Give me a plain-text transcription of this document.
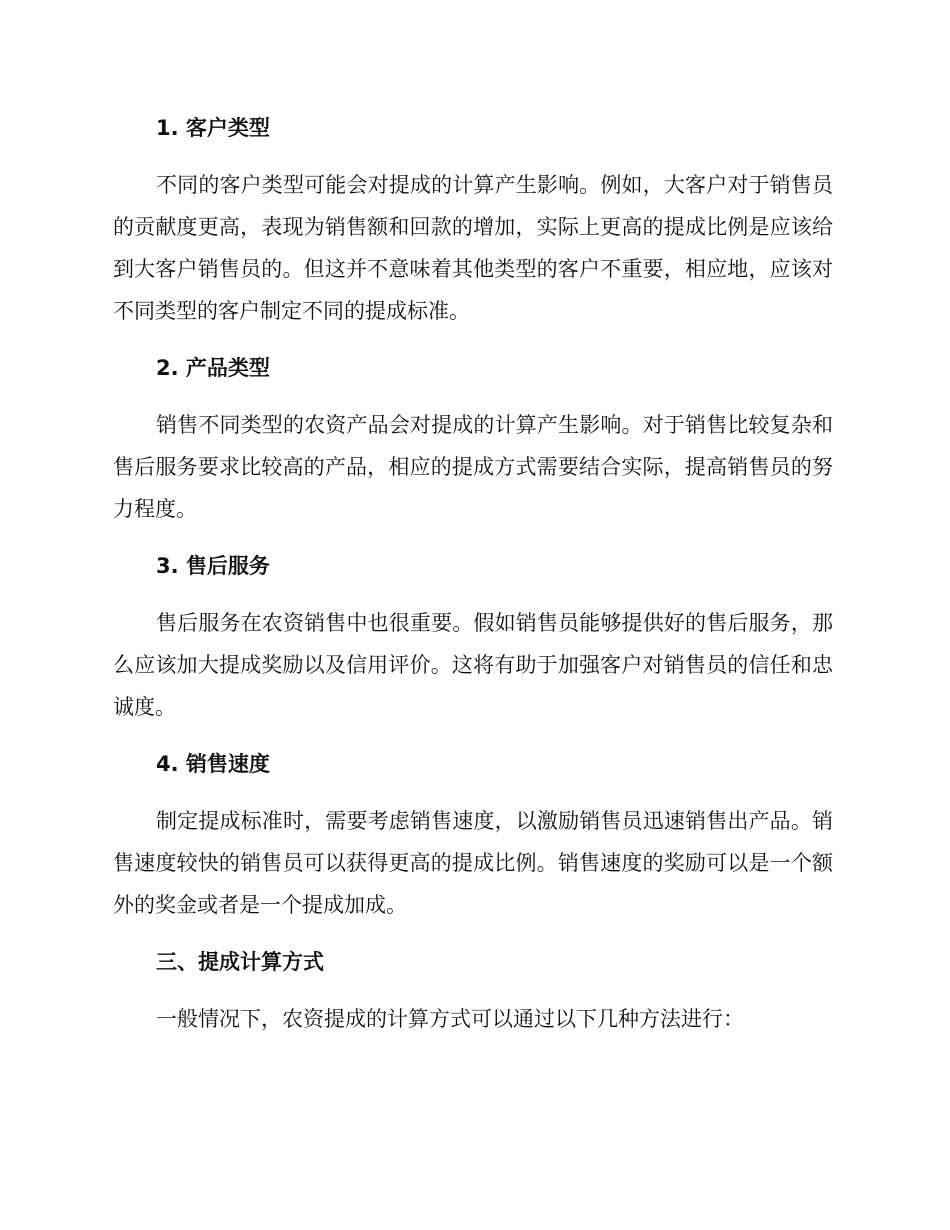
1. 客户类型

不同的客户类型可能会对提成的计算产生影响。例如，大客户对于销售员的贡献度更高，表现为销售额和回款的增加，实际上更高的提成比例是应该给到大客户销售员的。但这并不意味着其他类型的客户不重要，相应地，应该对不同类型的客户制定不同的提成标准。

2. 产品类型

销售不同类型的农资产品会对提成的计算产生影响。对于销售比较复杂和售后服务要求比较高的产品，相应的提成方式需要结合实际，提高销售员的努力程度。

3. 售后服务

售后服务在农资销售中也很重要。假如销售员能够提供好的售后服务，那么应该加大提成奖励以及信用评价。这将有助于加强客户对销售员的信任和忠诚度。

4. 销售速度

制定提成标准时，需要考虑销售速度，以激励销售员迅速销售出产品。销售速度较快的销售员可以获得更高的提成比例。销售速度的奖励可以是一个额外的奖金或者是一个提成加成。

三、提成计算方式

一般情况下，农资提成的计算方式可以通过以下几种方法进行：
